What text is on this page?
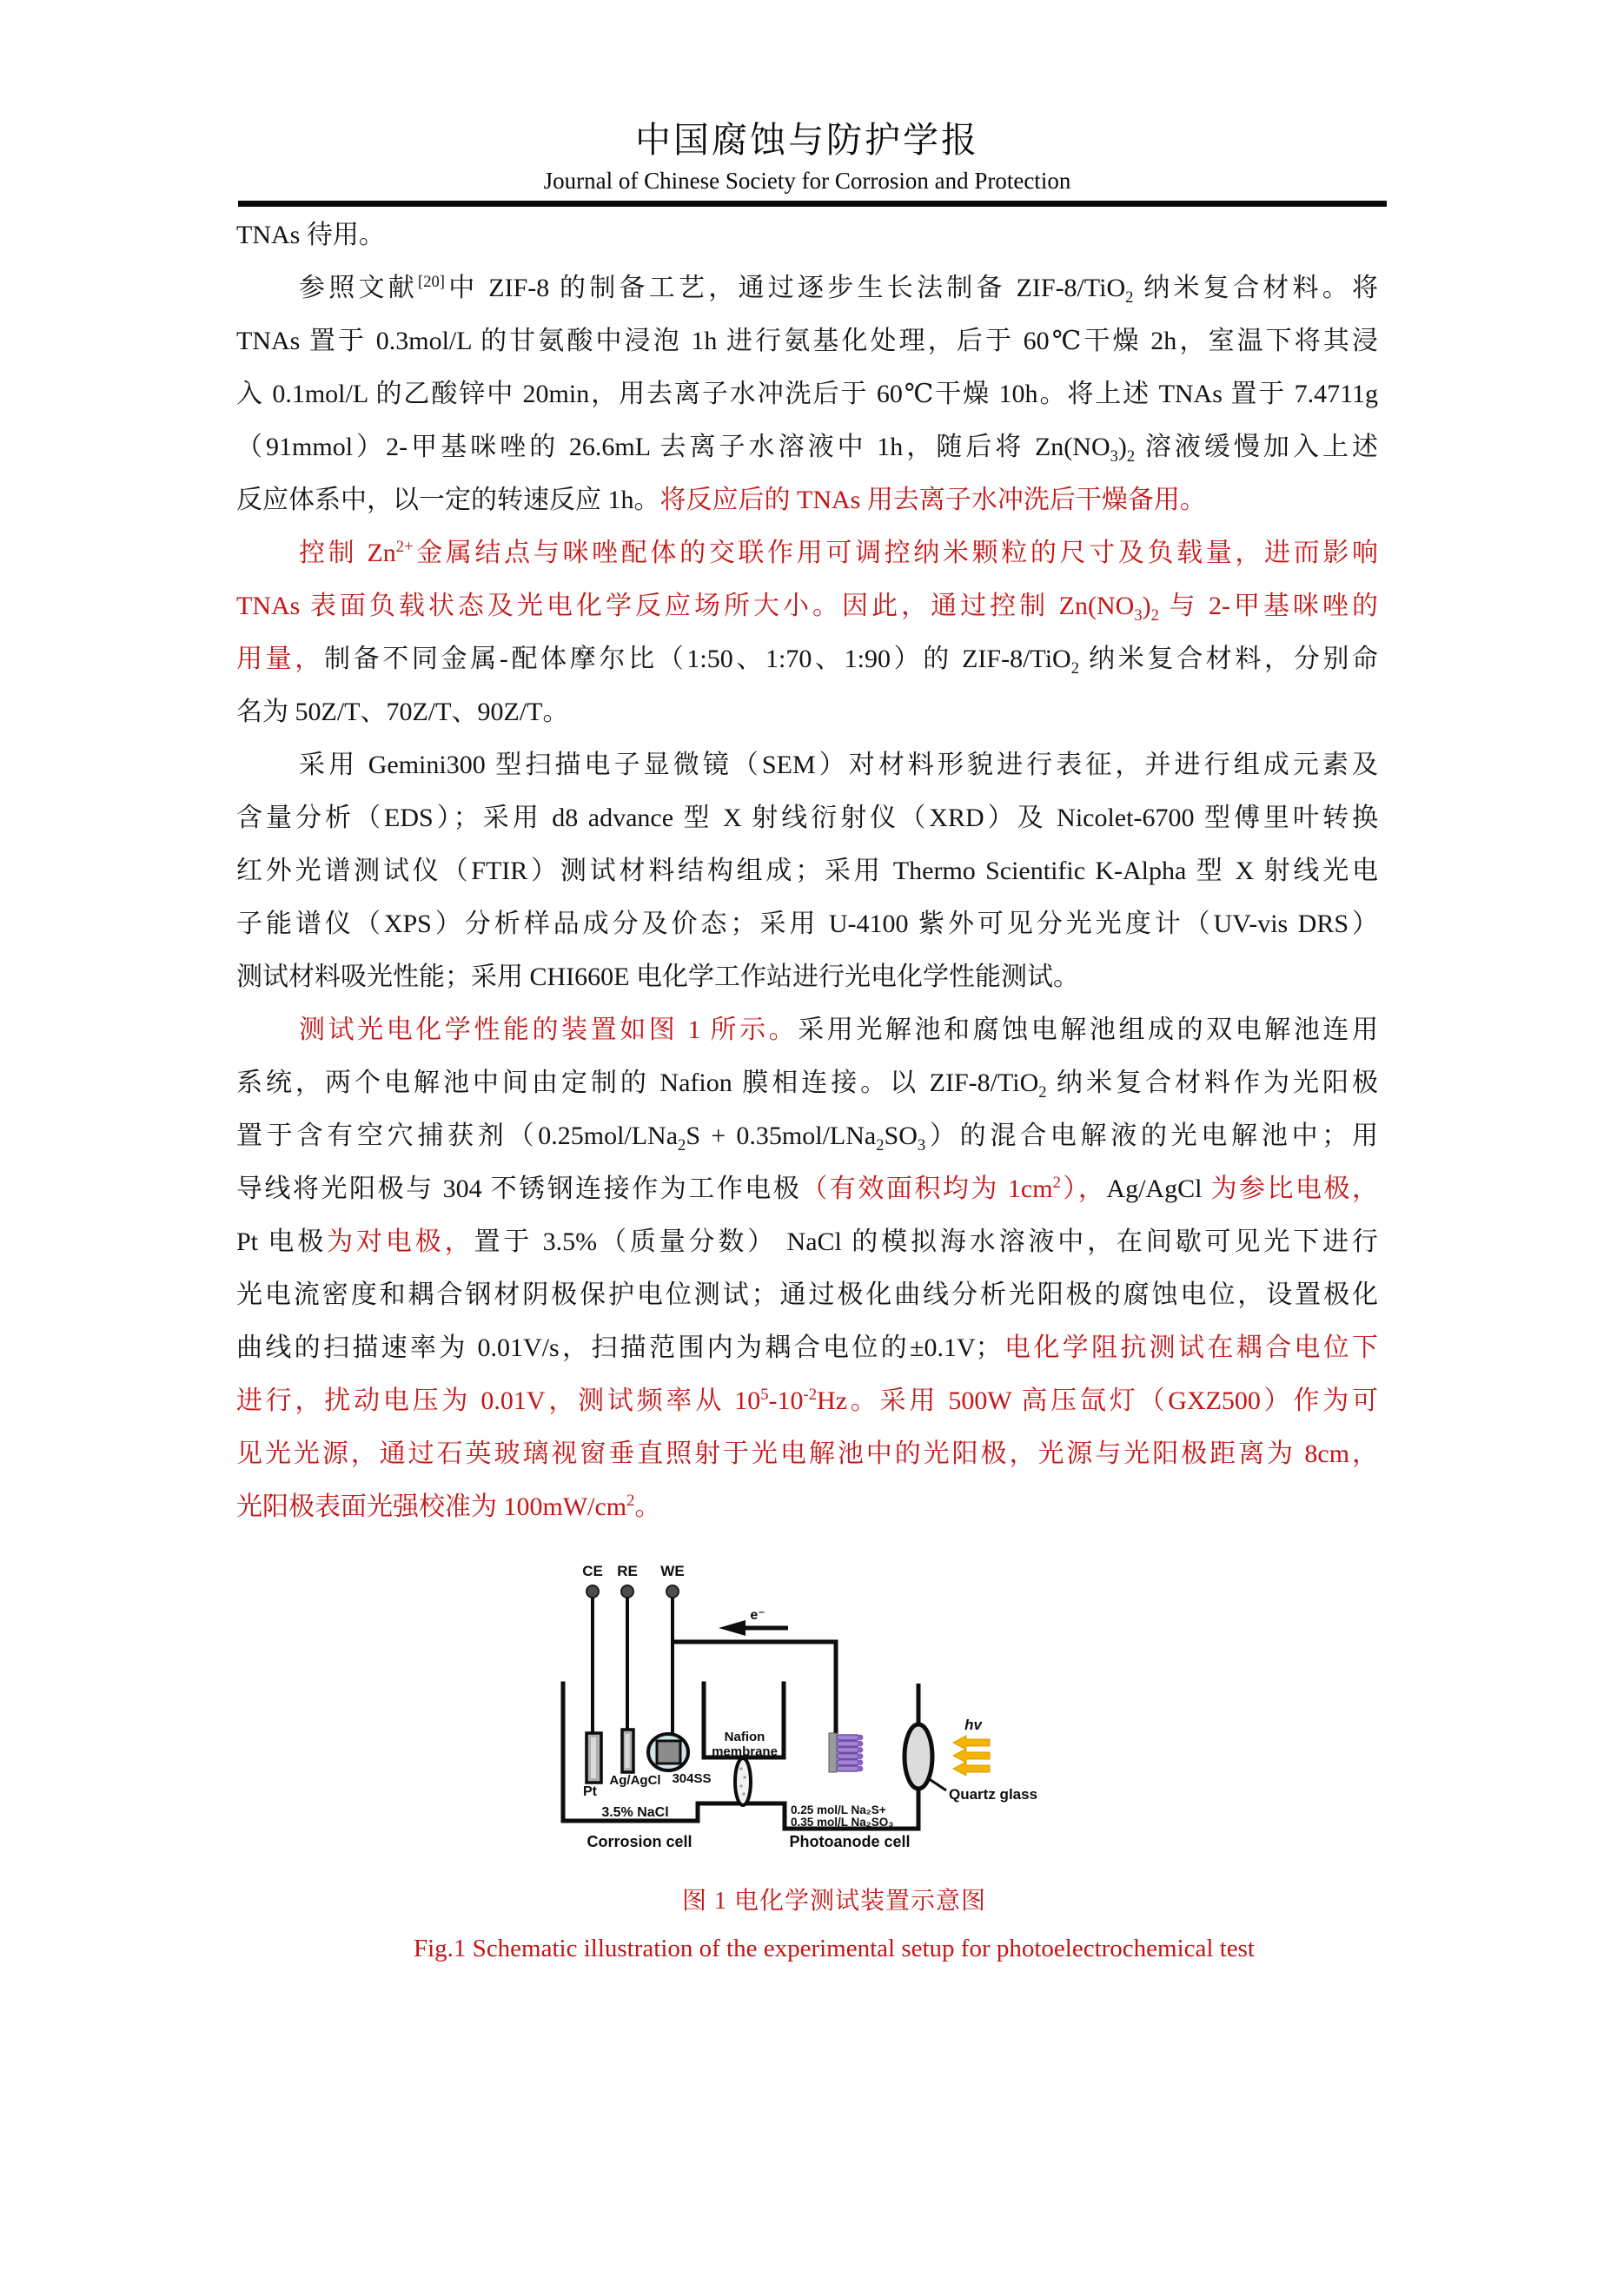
中国腐蚀与防护学报
Journal of Chinese Society for Corrosion and Protection
TNAs 待用。
参照文献[20]中 ZIF-8 的制备工艺，通过逐步生长法制备 ZIF-8/TiO$_2$ 纳米复合材料。将
TNAs 置于 0.3mol/L 的甘氨酸中浸泡 1h 进行氨基化处理，后于 60℃干燥 2h，室温下将其浸
入 0.1mol/L 的乙酸锌中 20min，用去离子水冲洗后于 60℃干燥 10h。将上述 TNAs 置于 7.4711g
（91mmol）2-甲基咪唑的 26.6mL 去离子水溶液中 1h，随后将 $Zn(NO_3)_2$ 溶液缓慢加入上述
反应体系中，以一定的转速反应 1h。将反应后的 TNAs 用去离子水冲洗后干燥备用。
控制 $Zn^{2+}$金属结点与咪唑配体的交联作用可调控纳米颗粒的尺寸及负载量，进而影响
TNAs 表面负载状态及光电化学反应场所大小。因此，通过控制 $Zn(NO_3)_2$ 与 2-甲基咪唑的
用量，制备不同金属-配体摩尔比（1:50、1:70、1:90）的 ZIF-8/TiO$_2$ 纳米复合材料，分别命
名为 50Z/T、70Z/T、90Z/T。
采用 Gemini300 型扫描电子显微镜（SEM）对材料形貌进行表征，并进行组成元素及
含量分析（EDS）；采用 d8 advance 型 X 射线衍射仪（XRD）及 Nicolet-6700 型傅里叶转换
红外光谱测试仪（FTIR）测试材料结构组成；采用 Thermo Scientific K-Alpha 型 X 射线光电
子能谱仪（XPS）分析样品成分及价态；采用 U-4100 紫外可见分光光度计（UV-vis DRS）
测试材料吸光性能；采用 CHI660E 电化学工作站进行光电化学性能测试。
测试光电化学性能的装置如图 1 所示。采用光解池和腐蚀电解池组成的双电解池连用
系统，两个电解池中间由定制的 Nafion 膜相连接。以 ZIF-8/TiO$_2$ 纳米复合材料作为光阳极
置于含有空穴捕获剂$(0.25mol/LNa_2S + 0.35mol/LNa_2SO_3)$的混合电解液的光电解池中；用
导线将光阳极与 304 不锈钢连接作为工作电极（有效面积均为 $1cm^2$），Ag/AgCl 为参比电极，
Pt 电极为对电极，置于 3.5%（质量分数） NaCl 的模拟海水溶液中，在间歇可见光下进行
光电流密度和耦合钢材阴极保护电位测试；通过极化曲线分析光阳极的腐蚀电位，设置极化
曲线的扫描速率为 0.01V/s，扫描范围内为耦合电位的±0.1V；电化学阻抗测试在耦合电位下
进行，扰动电压为 0.01V，测试频率从 $10^5-10^{-2}Hz$。采用 500W 高压氙灯（GXZ500）作为可
见光光源，通过石英玻璃视窗垂直照射于光电解池中的光阳极，光源与光阳极距离为 8cm，
光阳极表面光强校准为 $100mW/cm^2$。
CE RE WE
e⁻
Nafion
membrane
Pt
Ag/AgCl 304SS
Quartz glass
hv
3.5% NaCl	0.25 mol/L Na₂S+
0.35 mol/L Na₂SO₃
Corrosion cell	Photoanode cell
图 1 电化学测试装置示意图
Fig.1 Schematic illustration of the experimental setup for photoelectrochemical test
